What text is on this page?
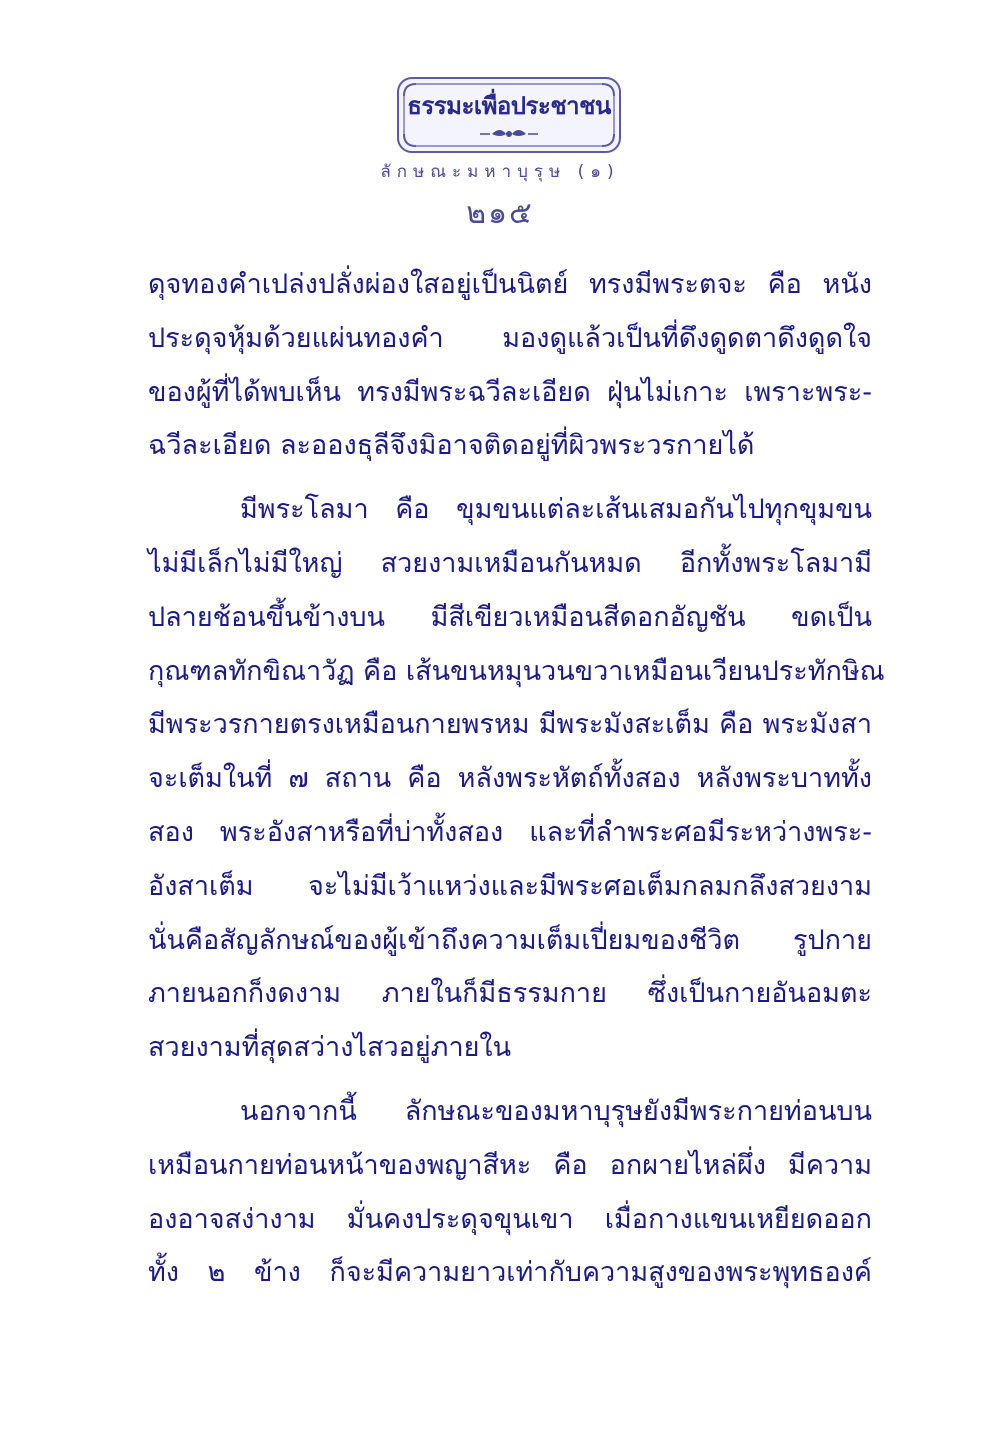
ธรรมะเพื่อประชาชน
ลักษณะมหาบุรุษ (๑)
๒๑๕
ดุจทองคำเปล่งปลั่งผ่องใสอยู่เป็นนิตย์ ทรงมีพระตจะ คือ หนัง
ประดุจหุ้มด้วยแผ่นทองคำ มองดูแล้วเป็นที่ดึงดูดตาดึงดูดใจ
ของผู้ที่ได้พบเห็น ทรงมีพระฉวีละเอียด ฝุ่นไม่เกาะ เพราะพระ-
ฉวีละเอียด ละอองธุลีจึงมิอาจติดอยู่ที่ผิวพระวรกายได้
มีพระโลมา คือ ขุมขนแต่ละเส้นเสมอกันไปทุกขุมขน
ไม่มีเล็กไม่มีใหญ่ สวยงามเหมือนกันหมด อีกทั้งพระโลมามี
ปลายช้อนขึ้นข้างบน มีสีเขียวเหมือนสีดอกอัญชัน ขดเป็น
กุณฑลทักขิณาวัฏ คือ เส้นขนหมุนวนขวาเหมือนเวียนประทักษิณ
มีพระวรกายตรงเหมือนกายพรหม มีพระมังสะเต็ม คือ พระมังสา
จะเต็มในที่ ๗ สถาน คือ หลังพระหัตถ์ทั้งสอง หลังพระบาททั้ง
สอง พระอังสาหรือที่บ่าทั้งสอง และที่ลำพระศอมีระหว่างพระ-
อังสาเต็ม จะไม่มีเว้าแหว่งและมีพระศอเต็มกลมกลึงสวยงาม
นั่นคือสัญลักษณ์ของผู้เข้าถึงความเต็มเปี่ยมของชีวิต รูปกาย
ภายนอกก็งดงาม ภายในก็มีธรรมกาย ซึ่งเป็นกายอันอมตะ
สวยงามที่สุดสว่างไสวอยู่ภายใน
นอกจากนี้ ลักษณะของมหาบุรุษยังมีพระกายท่อนบน
เหมือนกายท่อนหน้าของพญาสีหะ คือ อกผายไหล่ผึ่ง มีความ
องอาจสง่างาม มั่นคงประดุจขุนเขา เมื่อกางแขนเหยียดออก
ทั้ง ๒ ข้าง ก็จะมีความยาวเท่ากับความสูงของพระพุทธองค์
